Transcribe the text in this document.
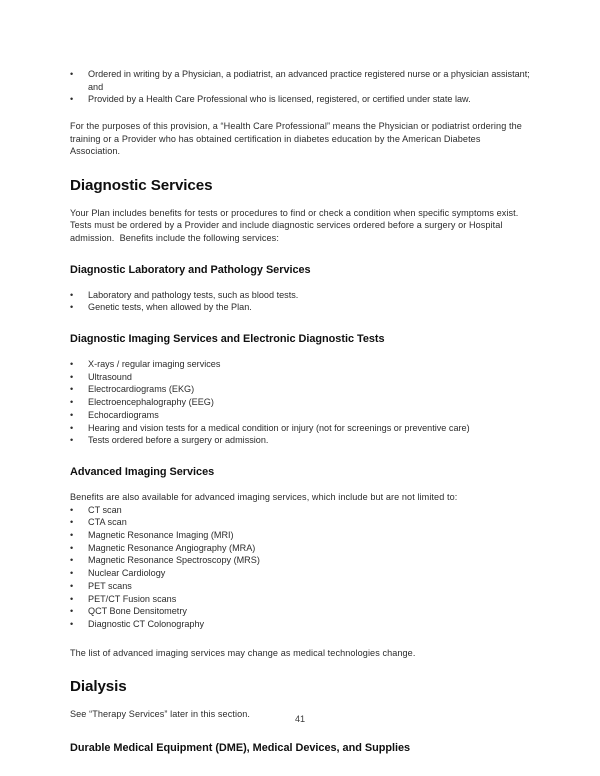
• Ordered in writing by a Physician, a podiatrist, an advanced practice registered nurse or a physician assistant; and
• Provided by a Health Care Professional who is licensed, registered, or certified under state law.

For the purposes of this provision, a “Health Care Professional” means the Physician or podiatrist ordering the training or a Provider who has obtained certification in diabetes education by the American Diabetes Association.

Diagnostic Services

Your Plan includes benefits for tests or procedures to find or check a condition when specific symptoms exist.  Tests must be ordered by a Provider and include diagnostic services ordered before a surgery or Hospital admission.  Benefits include the following services:

Diagnostic Laboratory and Pathology Services
• Laboratory and pathology tests, such as blood tests.
• Genetic tests, when allowed by the Plan.
Diagnostic Imaging Services and Electronic Diagnostic Tests
• X-rays / regular imaging services
• Ultrasound
• Electrocardiograms (EKG)
• Electroencephalography (EEG)
• Echocardiograms
• Hearing and vision tests for a medical condition or injury (not for screenings or preventive care)
• Tests ordered before a surgery or admission.
Advanced Imaging Services

Benefits are also available for advanced imaging services, which include but are not limited to:

• CT scan
• CTA scan
• Magnetic Resonance Imaging (MRI)
• Magnetic Resonance Angiography (MRA)
• Magnetic Resonance Spectroscopy (MRS)
• Nuclear Cardiology
• PET scans
• PET/CT Fusion scans
• QCT Bone Densitometry
• Diagnostic CT Colonography

The list of advanced imaging services may change as medical technologies change.

Dialysis

See “Therapy Services” later in this section.

Durable Medical Equipment (DME), Medical Devices, and Supplies
41
